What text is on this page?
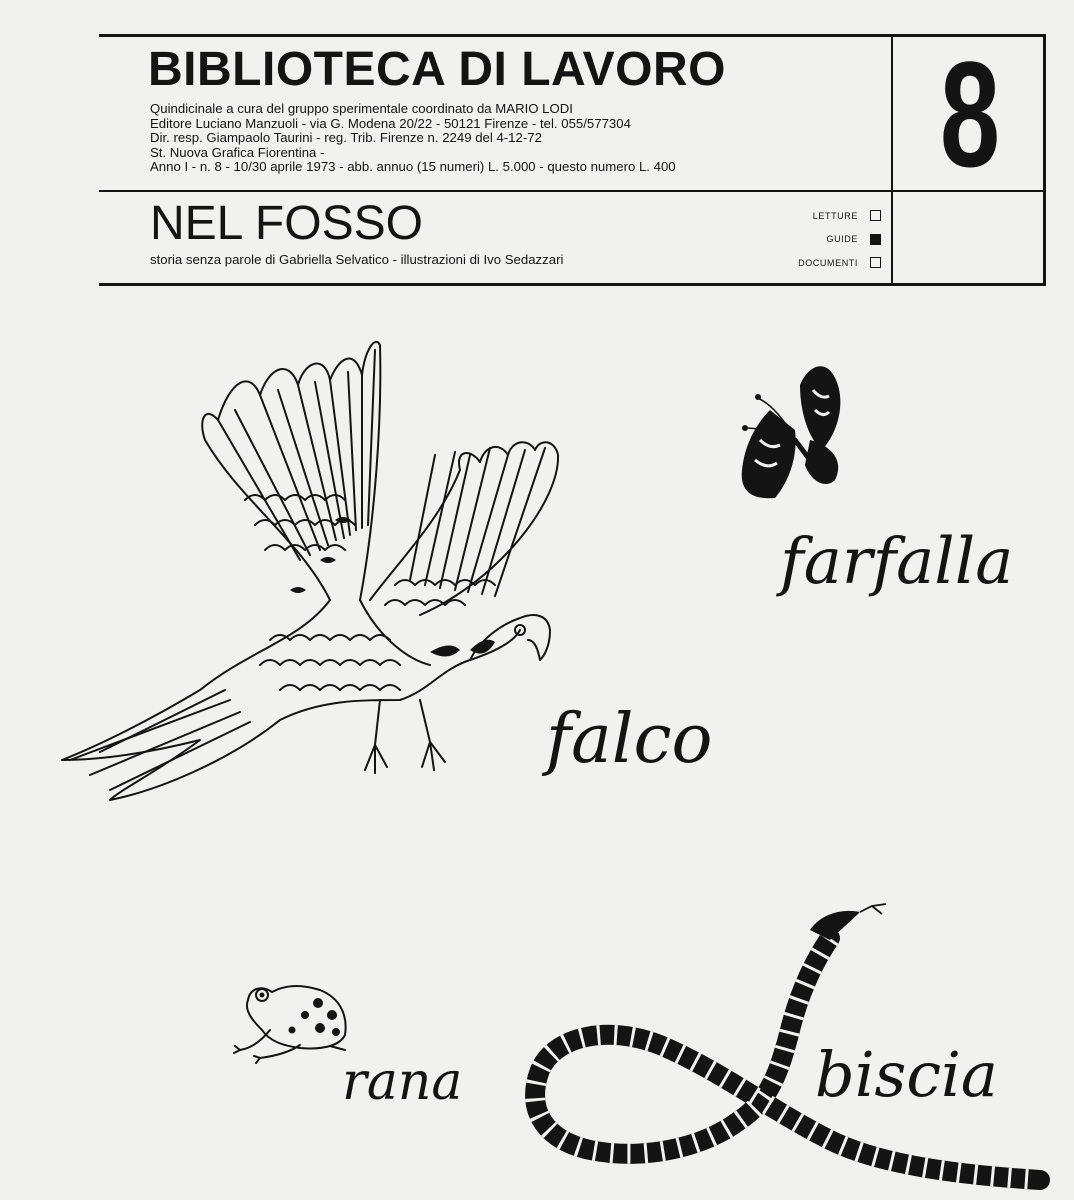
BIBLIOTECA DI LAVORO
Quindicinale a cura del gruppo sperimentale coordinato da MARIO LODI
Editore Luciano Manzuoli - via G. Modena 20/22 - 50121 Firenze - tel. 055/577304
Dir. resp. Giampaolo Taurini - reg. Trib. Firenze n. 2249 del 4-12-72
St. Nuova Grafica Fiorentina -
Anno I - n. 8 - 10/30 aprile 1973 - abb. annuo (15 numeri) L. 5.000 - questo numero L. 400 8
NEL FOSSO
storia senza parole di Gabriella Selvatico - illustrazioni di Ivo Sedazzari
LETTURE
GUIDE
DOCUMENTI
farfalla
falco
rana	biscia
